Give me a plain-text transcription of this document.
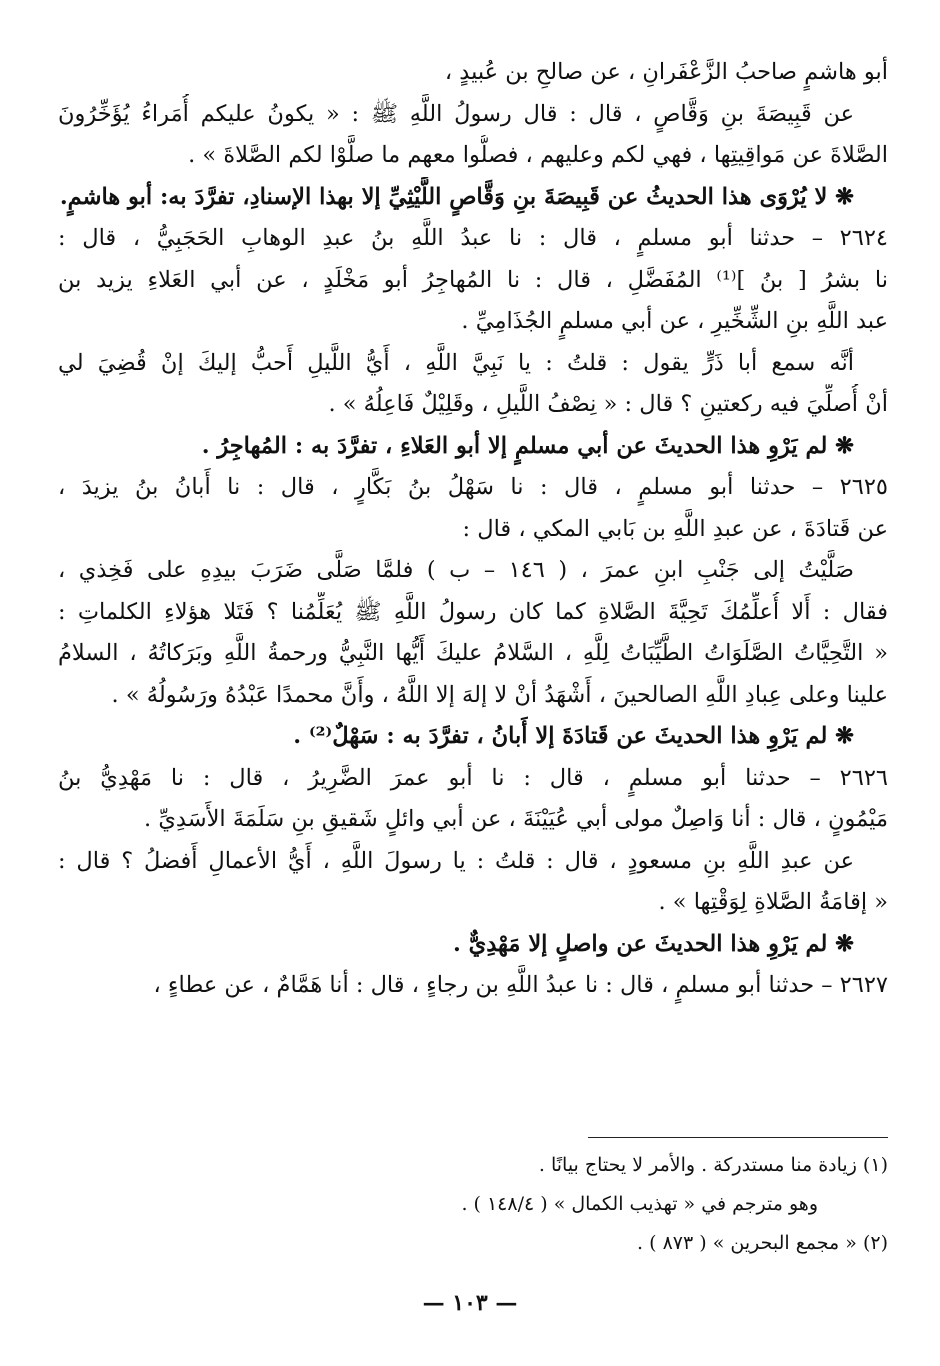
أبو هاشمٍ صاحبُ الزَّعْفَرانِ ، عن صالحِ بن عُبيدٍ ،
عن قَبِيصَةَ بنِ وَقَّاصٍ ، قال : قال رسولُ اللَّهِ ﷺ : « يكونُ عليكم أُمَراءُ يُؤَخِّرُونَ
الصَّلاةَ عن مَواقِيتِها ، فهي لكم وعليهم ، فصلُّوا معهم ما صلَّوْا لكم الصَّلاةَ » .
❋ لا يُرْوَى هذا الحديثُ عن قَبِيصَةَ بنِ وَقَّاصٍ اللَّيْثِيِّ إلا بهذا الإسنادِ، تفرَّدَ به: أبو هاشمٍ.
٢٦٢٤ – حدثنا أبو مسلمٍ ، قال : نا عبدُ اللَّهِ بنُ عبدِ الوهابِ الحَجَبِيُّ ، قال :
نا بشرُ [ بنُ ]⁽¹⁾ المُفَضَّلِ ، قال : نا المُهاجِرُ أبو مَخْلَدٍ ، عن أبي العَلاءِ يزيد بن
عبد اللَّهِ بنِ الشِّخِّيرِ ، عن أبي مسلمٍ الجُذَامِيِّ .
أنَّه سمع أبا ذَرٍّ يقول : قلتُ : يا نَبِيَّ اللَّهِ ، أَيُّ اللَّيلِ أَحبُّ إليكَ إنْ قُضِيَ لي
أنْ أُصلِّيَ فيه ركعتينِ ؟ قال : « نِصْفُ اللَّيلِ ، وقَلِيْلٌ فَاعِلُهُ » .
❋ لم يَرْوِ هذا الحديثَ عن أبي مسلمٍ إلا أبو العَلاءِ ، تفرَّدَ به : المُهاجِرُ .
٢٦٢٥ – حدثنا أبو مسلمٍ ، قال : نا سَهْلُ بنُ بَكَّارٍ ، قال : نا أَبانُ بنُ يزيدَ ،
عن قَتادَةَ ، عن عبدِ اللَّهِ بن بَابي المكي ، قال :
صَلَّيْتُ إلى جَنْبِ ابنِ عمرَ ، ( ١٤٦ – ب ) فلمَّا صَلَّى ضَرَبَ بيدِهِ على فَخِذي ،
فقال : أَلا أُعلِّمُكَ تَحِيَّةَ الصَّلاةِ كما كان رسولُ اللَّهِ ﷺ يُعَلِّمُنا ؟ فَتَلا هؤلاءِ الكلماتِ :
« التَّحِيَّاتُ الصَّلَوَاتُ الطَّيِّبَاتُ لِلَّهِ ، السَّلامُ عليكَ أَيُّها النَّبِيُّ ورحمةُ اللَّهِ وبَرَكاتُهُ ، السلامُ
علينا وعلى عِبادِ اللَّهِ الصالحينَ ، أَشْهَدُ أنْ لا إلهَ إلا اللَّهُ ، وأَنَّ محمدًا عَبْدُهُ ورَسُولُهُ » .
❋ لم يَرْوِ هذا الحديثَ عن قَتادَةَ إلا أَبانُ ، تفرَّدَ به : سَهْلٌ⁽²⁾ .
٢٦٢٦ – حدثنا أبو مسلمٍ ، قال : نا أبو عمرَ الضَّرِيرُ ، قال : نا مَهْدِيُّ بنُ
مَيْمُونٍ ، قال : أنا وَاصِلٌ مولى أبي عُيَيْنَةَ ، عن أبي وائلٍ شَقيقِ بنِ سَلَمَةَ الأَسَدِيِّ .
عن عبدِ اللَّهِ بنِ مسعودٍ ، قال : قلتُ : يا رسولَ اللَّهِ ، أَيُّ الأعمالِ أَفضلُ ؟ قال :
« إقامَةُ الصَّلاةِ لِوَقْتِها » .
❋ لم يَرْوِ هذا الحديثَ عن واصلٍ إلا مَهْدِيٌّ .
٢٦٢٧ – حدثنا أبو مسلمٍ ، قال : نا عبدُ اللَّهِ بن رجاءٍ ، قال : أنا هَمَّامٌ ، عن عطاءٍ ،
(١) زيادة منا مستدركة . والأمر لا يحتاج بيانًا .
وهو مترجم في « تهذيب الكمال » ( ١٤٨/٤ ) .
(٢) « مجمع البحرين » ( ٨٧٣ ) .
— ١٠٣ —
